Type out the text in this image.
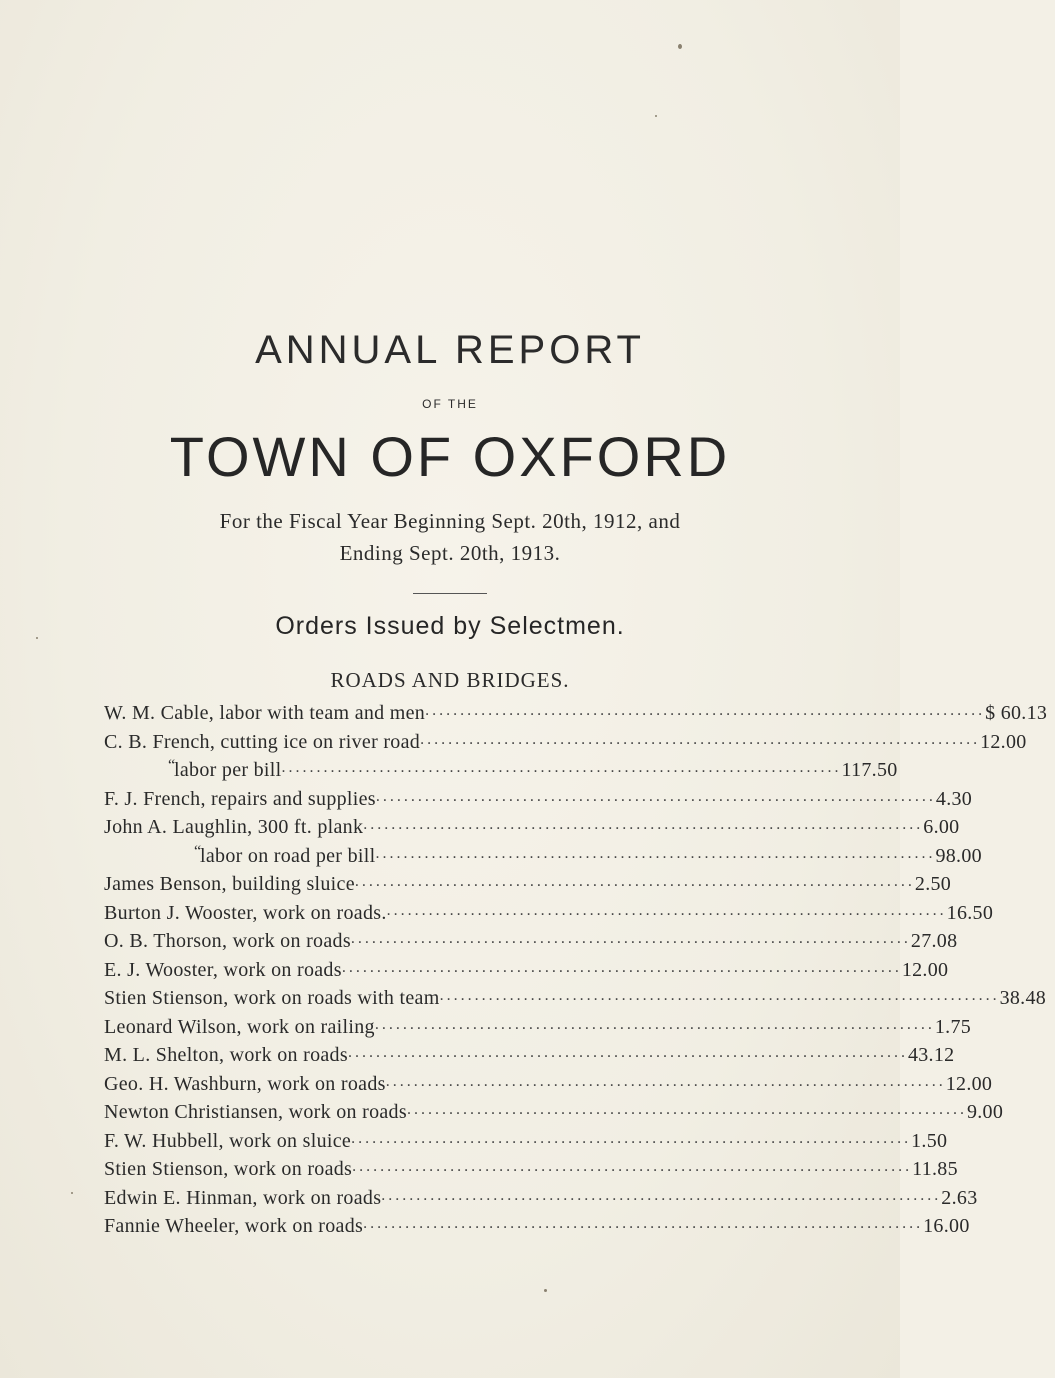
ANNUAL REPORT
OF THE
TOWN OF OXFORD
For the Fiscal Year Beginning Sept. 20th, 1912, and
Ending Sept. 20th, 1913.
Orders Issued by Selectmen.
ROADS AND BRIDGES.
W. M. Cable, labor with team and men ................................................................................ $ 60.13
C. B. French, cutting ice on river road ................................................................................ 12.00
“labor per bill ................................................................................ 117.50
F. J. French, repairs and supplies ................................................................................ 4.30
John A. Laughlin, 300 ft. plank ................................................................................ 6.00
“labor on road per bill ................................................................................ 98.00
James Benson, building sluice ................................................................................ 2.50
Burton J. Wooster, work on roads. ................................................................................ 16.50
O. B. Thorson, work on roads ................................................................................ 27.08
E. J. Wooster, work on roads ................................................................................ 12.00
Stien Stienson, work on roads with team ................................................................................ 38.48
Leonard Wilson, work on railing ................................................................................ 1.75
M. L. Shelton, work on roads ................................................................................ 43.12
Geo. H. Washburn, work on roads ................................................................................ 12.00
Newton Christiansen, work on roads ................................................................................ 9.00
F. W. Hubbell, work on sluice ................................................................................ 1.50
Stien Stienson, work on roads ................................................................................ 11.85
Edwin E. Hinman, work on roads ................................................................................ 2.63
Fannie Wheeler, work on roads ................................................................................ 16.00
